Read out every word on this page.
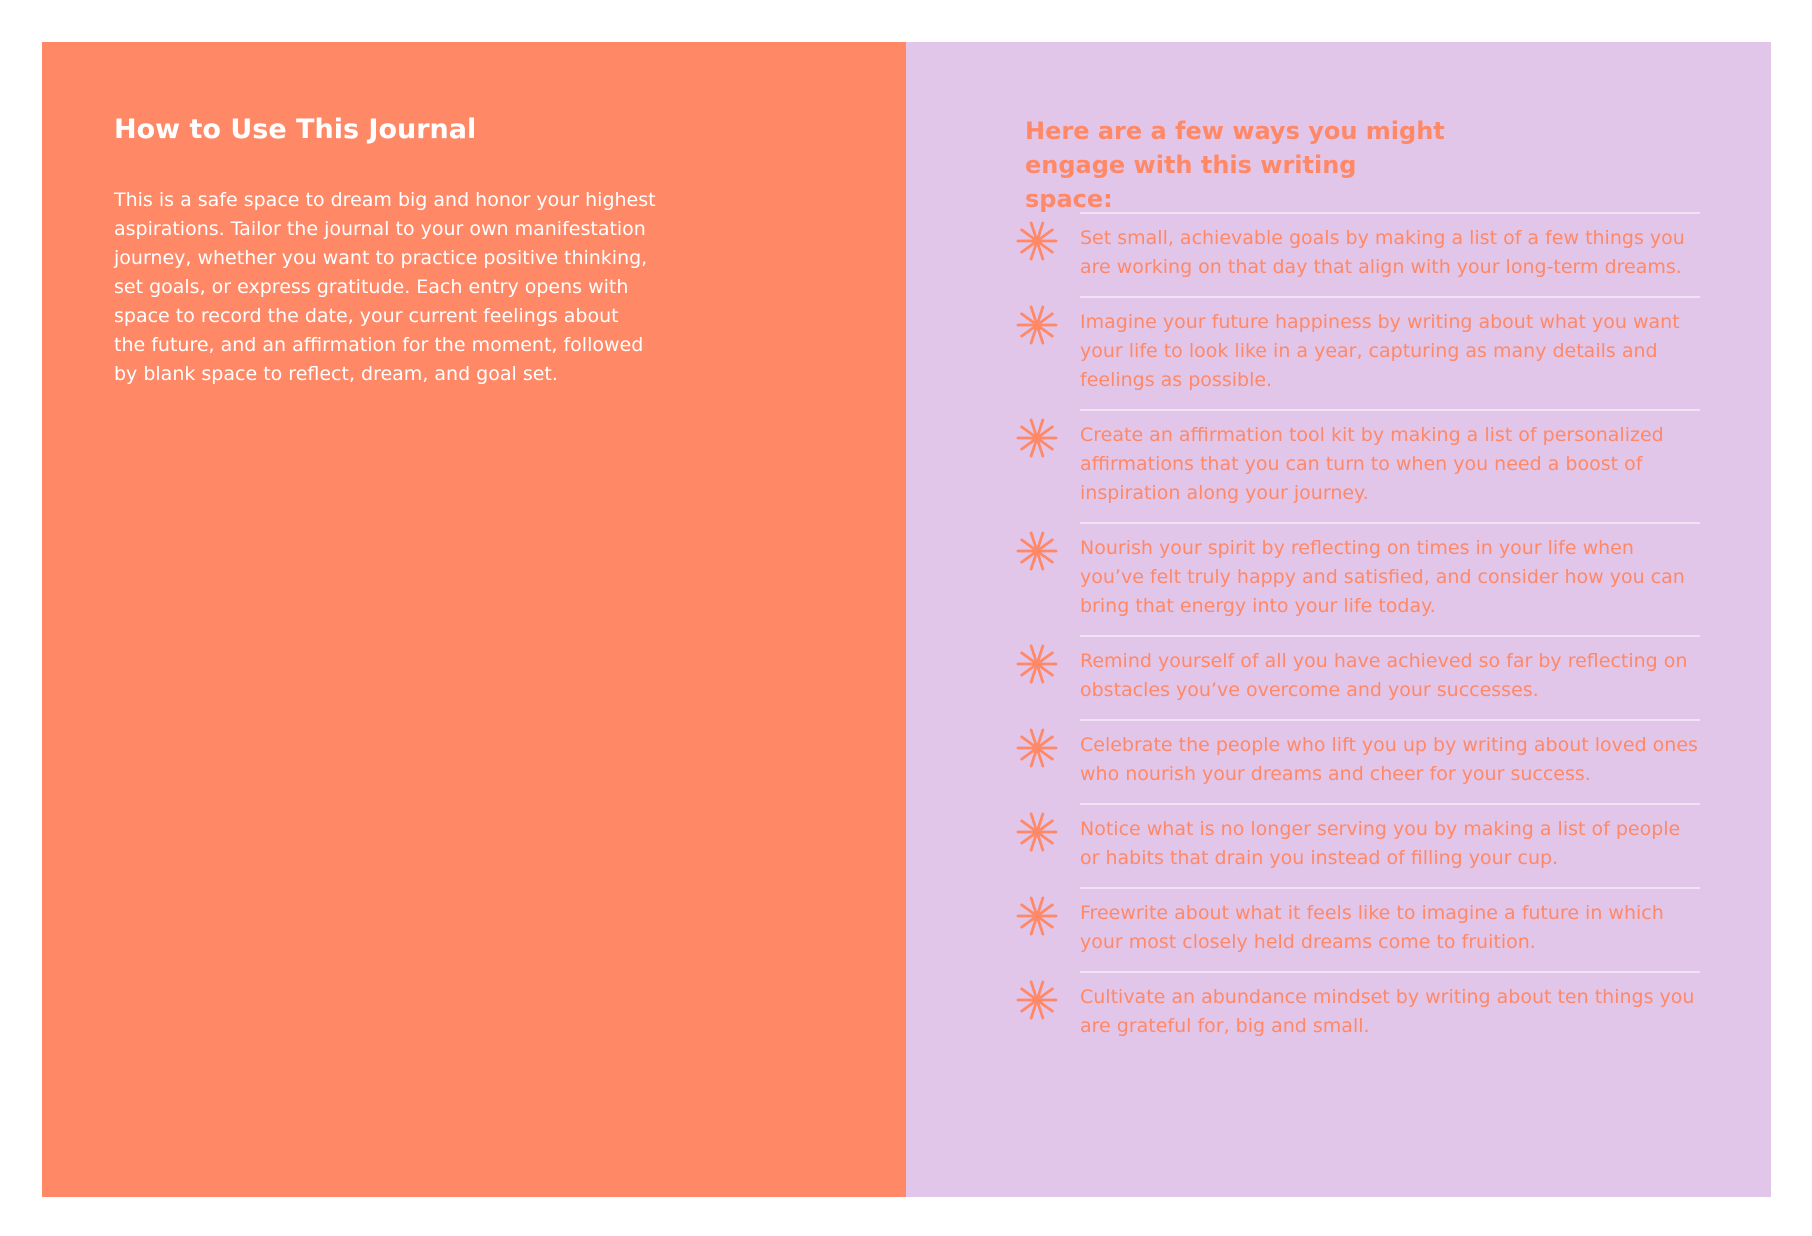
How to Use This Journal

This is a safe space to dream big and honor your highest
aspirations. Tailor the journal to your own manifestation
journey, whether you want to practice positive thinking,
set goals, or express gratitude. Each entry opens with
space to record the date, your current feelings about
the future, and an affirmation for the moment, followed
by blank space to reflect, dream, and goal set.

Here are a few ways you might
engage with this writing space:
Set small, achievable goals by making a list of a few things you are working on that day that align with your long-term dreams.
Imagine your future happiness by writing about what you want your life to look like in a year, capturing as many details and feelings as possible.
Create an affirmation tool kit by making a list of personalized affirmations that you can turn to when you need a boost of inspiration along your journey.
Nourish your spirit by reflecting on times in your life when you’ve felt truly happy and satisfied, and consider how you can bring that energy into your life today.
Remind yourself of all you have achieved so far by reflecting on obstacles you’ve overcome and your successes.
Celebrate the people who lift you up by writing about loved ones who nourish your dreams and cheer for your success.
Notice what is no longer serving you by making a list of people or habits that drain you instead of filling your cup.
Freewrite about what it feels like to imagine a future in which your most closely held dreams come to fruition.
Cultivate an abundance mindset by writing about ten things you are grateful for, big and small.
